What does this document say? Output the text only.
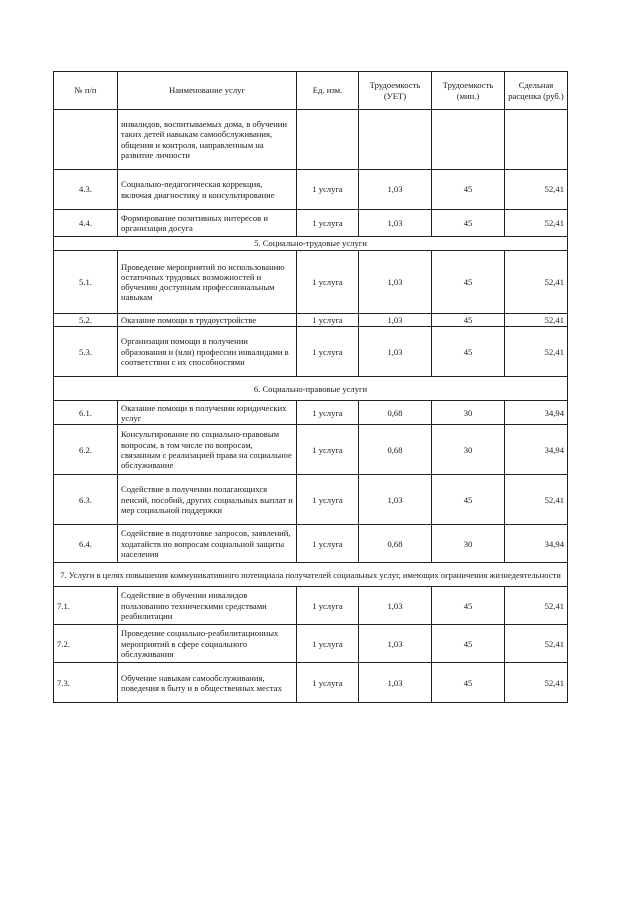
№ п/п	Наименование услуг	Ед. изм.	Трудоемкость (УЕТ)	Трудоемкость (мин.)	Сдельная расценка (руб.)
	инвалидов, воспитываемых дома, в обучении таких детей навыкам самообслуживания, общения и контроля, направленным на развитие личности				
4.3.	Социально-педагогическая коррекция, включая диагностику и консультирование	1 услуга	1,03	45	52,41
4.4.	Формирование позитивных интересов и организация досуга	1 услуга	1,03	45	52,41
5. Социально-трудовые услуги					
5.1.	Проведение мероприятий по использованию остаточных трудовых возможностей и обучению доступным профессиональным навыкам	1 услуга	1,03	45	52,41
5.2.	Оказание помощи в трудоустройстве	1 услуга	1,03	45	52,41
5.3.	Организация помощи в получении образования и (или) профессии инвалидами в соответствии с их способностями	1 услуга	1,03	45	52,41
6. Социально-правовые услуги					
6.1.	Оказание помощи в получении юридических услуг	1 услуга	0,68	30	34,94
6.2.	Консультирование по социально-правовым вопросам, в том числе по вопросам, связанным с реализацией права на социальное обслуживание	1 услуга	0,68	30	34,94
6.3.	Содействие в получении полагающихся пенсий, пособий, других социальных выплат и мер социальной поддержки	1 услуга	1,03	45	52,41
6.4.	Содействие в подготовке запросов, заявлений, ходатайств по вопросам социальной защиты населения	1 услуга	0,68	30	34,94
7. Услуги в целях повышения коммуникативного потенциала получателей социальных услуг, имеющих ограничения жизнедеятельности					
7.1.	Содействие в обучении инвалидов пользованию техническими средствами реабилитации	1 услуга	1,03	45	52,41
7.2.	Проведение социально-реабилитационных мероприятий в сфере социального обслуживания	1 услуга	1,03	45	52,41
7.3.	Обучение навыкам самообслуживания, поведения в быту и в общественных местах	1 услуга	1,03	45	52,41
